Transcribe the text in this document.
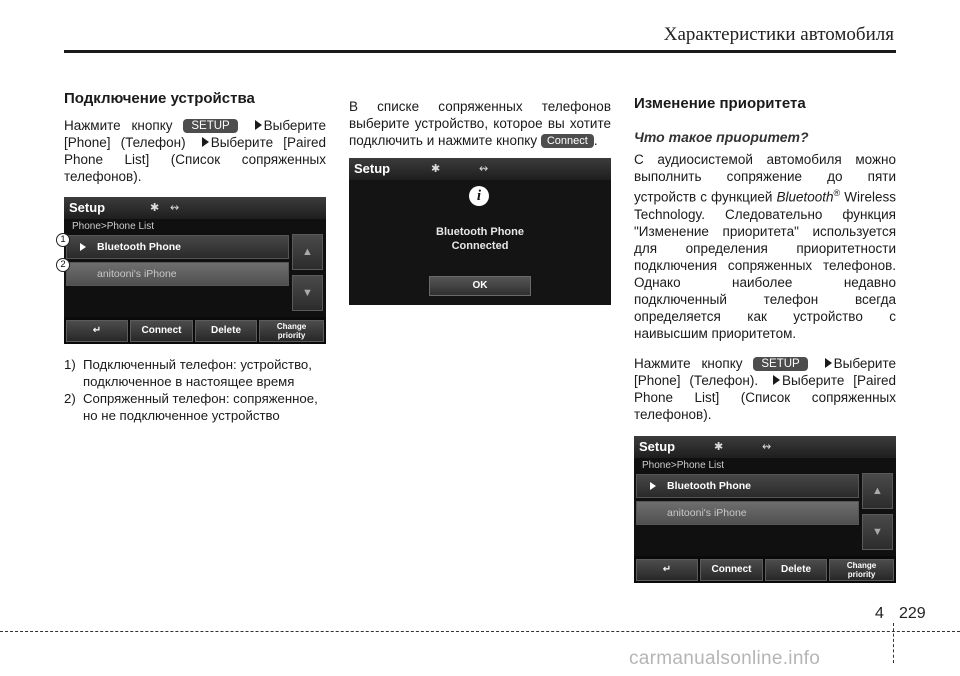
Характеристики автомобиля
Подключение устройства

Нажмите кнопку SETUP	Выберите [Phone] (Телефон) Выберите [Paired Phone List] (Список сопряженных телефонов).

Setup	✱ ↭
Phone>Phone List
Bluetooth Phone
anitooni's iPhone
▲
▼
↵	Connect	Delete	Change
priority
1) Подключенный телефон: устройство, подключенное в настоящее время
2) Сопряженный телефон: сопряженное, но не подключенное устройство
1
2

В списке сопряженных телефонов выберите устройство, которое вы хотите подключить и нажмите кнопку Connect .

Setup	✱	↭
i
Bluetooth Phone
Connected
OK
Изменение приоритета
Что такое приоритет?

С аудиосистемой автомобиля можно выполнить сопряжение до пяти устройств с функцией Bluetooth® Wireless Technology. Следовательно функция "Изменение приоритета" используется для определения приоритетности подключения сопряженных телефонов. Однако наиболее недавно подключенный телефон всегда определяется как устройство с наивысшим приоритетом.

Нажмите кнопку SETUP	Выберите [Phone] (Телефон). Выберите [Paired Phone List] (Список сопряженных телефонов).

Setup	✱	↭
Phone>Phone List
Bluetooth Phone
anitooni's iPhone
▲
▼
↵	Connect	Delete	Change
priority
4 229
carmanualsonline.info
